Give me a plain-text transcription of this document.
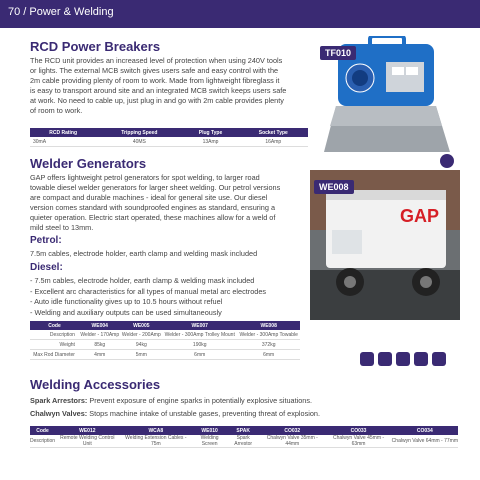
70 / Power & Welding
RCD Power Breakers
The RCD unit provides an increased level of protection when using 240V tools
or lights. The external MCB switch gives users safe and easy control with the
2m cable providing plenty of room to work. Made from lightweight fibreglass it
is easy to transport around site and an integrated MCB switch keeps users safe
at work. No need to cable up, just plug in and go with 2m cable provides plenty
of room to work.
TF010
RCD Rating	Tripping Speed	Plug Type	Socket Type
30mA	40MS	13Amp	16Amp
Welder Generators
GAP offers lightweight petrol generators for spot welding, to larger road
towable diesel welder generators for larger sheet welding. Our petrol versions
are compact and durable machines - ideal for general site use. Our diesel
version comes standard with soundproofed engines as standard, ensuring a
quieter operation. Electric start operated, these machines allow for a weld of
mild steel to 13mm.
GAP
WE008
Petrol:
7.5m cables, electrode holder, earth clamp and welding mask included
Diesel:
- 7.5m cables, electrode holder, earth clamp & welding mask included
- Excellent arc characteristics for all types of manual metal arc electrodes
- Auto idle functionality gives up to 10.5 hours without refuel
- Welding and auxiliary outputs can be used simultaneously
Code	WE004	WE005	WE007	WE008
Description	Welder - 170Amp	Welder - 200Amp	Welder - 300Amp Trolley Mount	Welder - 300Amp Towable
Weight	85kg	94kg	190kg	372kg
Max Rod Diameter	4mm	5mm	6mm	6mm
Welding Accessories
Spark Arrestors: Prevent exposure of engine sparks in potentially explosive situations.
Chalwyn Valves: Stops machine intake of unstable gases, preventing threat of explosion.
Code	WE012	WCA8	WE010	SPAK	CO032	CO033	CO034
Description	Remote Welding Control Unit	Welding Extension Cables - 75m	Welding Screen	Spark Arrestor	Chalwyn Valve 35mm - 44mm	Chalwyn Valve 45mm - 63mm	Chalwyn Valve 64mm - 77mm
